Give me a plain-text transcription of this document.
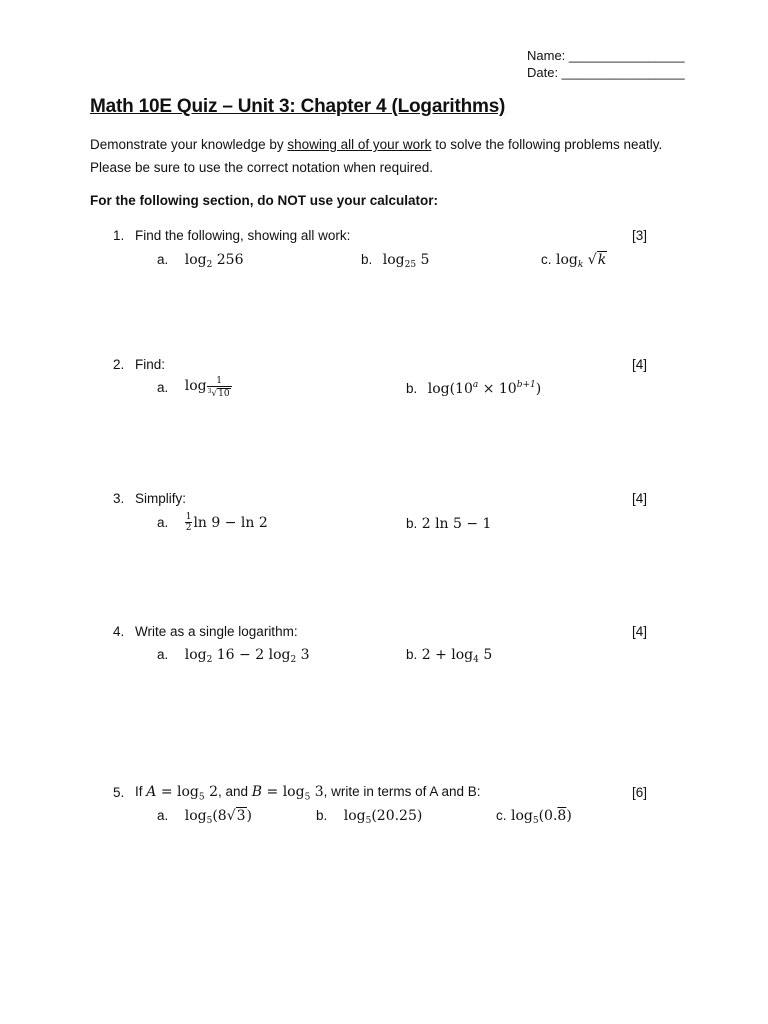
Name: ________________
Date: _________________
Math 10E Quiz – Unit 3: Chapter 4 (Logarithms)
Demonstrate your knowledge by showing all of your work to solve the following problems neatly. Please be sure to use the correct notation when required.
For the following section, do NOT use your calculator:
1. Find the following, showing all work:	[3]
a. $\log_2 256$	b. $\log_{25} 5$	c. $\log_k √k$
2. Find:	[4]
a. $\log \frac{1}{^3√10}$	b. $\log(10^a \times 10^{b+1})$
3. Simplify:	[4]
a. $\frac{1}{2}$ ln 9 − ln 2	b. 2 ln 5 − 1
4. Write as a single logarithm:	[4]
a. $\log_2 16 - 2$ $\log_2 3$	b. $2 + \log_4 5$
5. If $A = \log_5 2$, and $B = \log_5 3$, write in terms of A and B:	[6]
a. $\log_5(8√3)$	b. $\log_5(20.25)$	c. $\log_5(0.8)$
